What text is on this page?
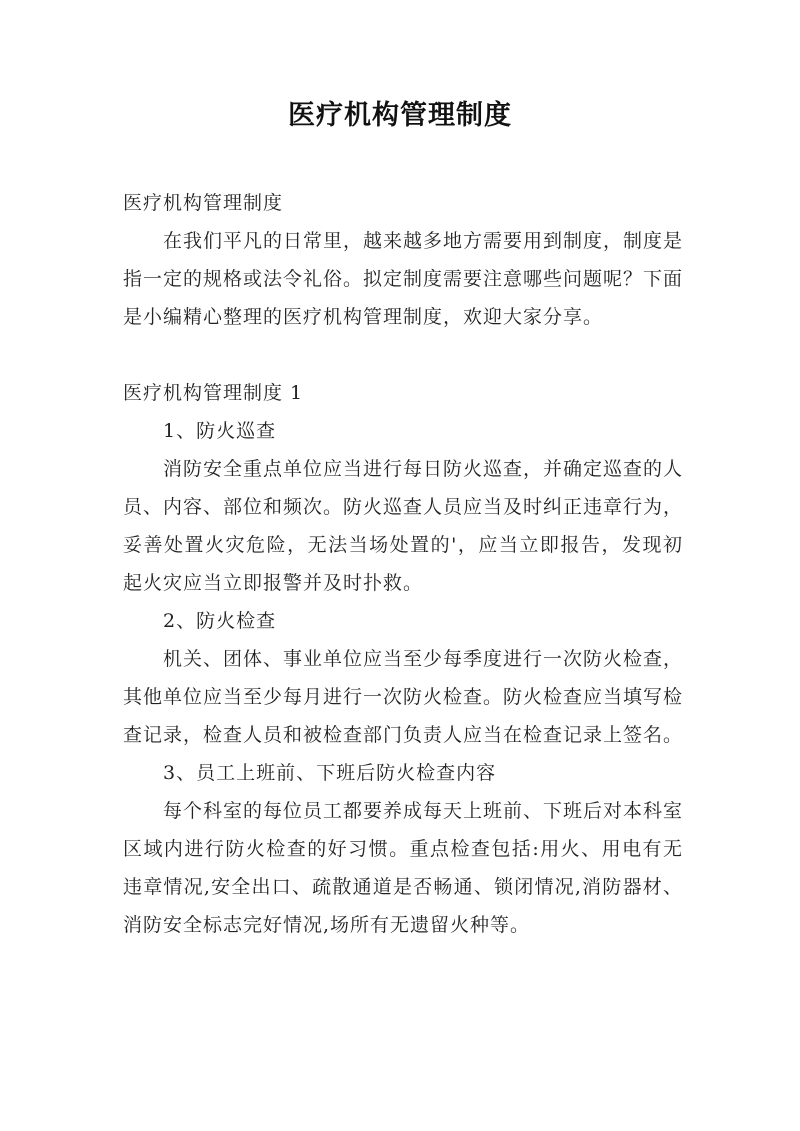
医疗机构管理制度

医疗机构管理制度

在我们平凡的日常里，越来越多地方需要用到制度，制度是指一定的规格或法令礼俗。拟定制度需要注意哪些问题呢？下面是小编精心整理的医疗机构管理制度，欢迎大家分享。

医疗机构管理制度 1

1、防火巡查

消防安全重点单位应当进行每日防火巡查，并确定巡查的人员、内容、部位和频次。防火巡查人员应当及时纠正违章行为，妥善处置火灾危险，无法当场处置的'，应当立即报告，发现初起火灾应当立即报警并及时扑救。

2、防火检查

机关、团体、事业单位应当至少每季度进行一次防火检查，其他单位应当至少每月进行一次防火检查。防火检查应当填写检查记录，检查人员和被检查部门负责人应当在检查记录上签名。

3、员工上班前、下班后防火检查内容

每个科室的每位员工都要养成每天上班前、下班后对本科室区域内进行防火检查的好习惯。重点检查包括:用火、用电有无违章情况,安全出口、疏散通道是否畅通、锁闭情况,消防器材、消防安全标志完好情况,场所有无遗留火种等。
